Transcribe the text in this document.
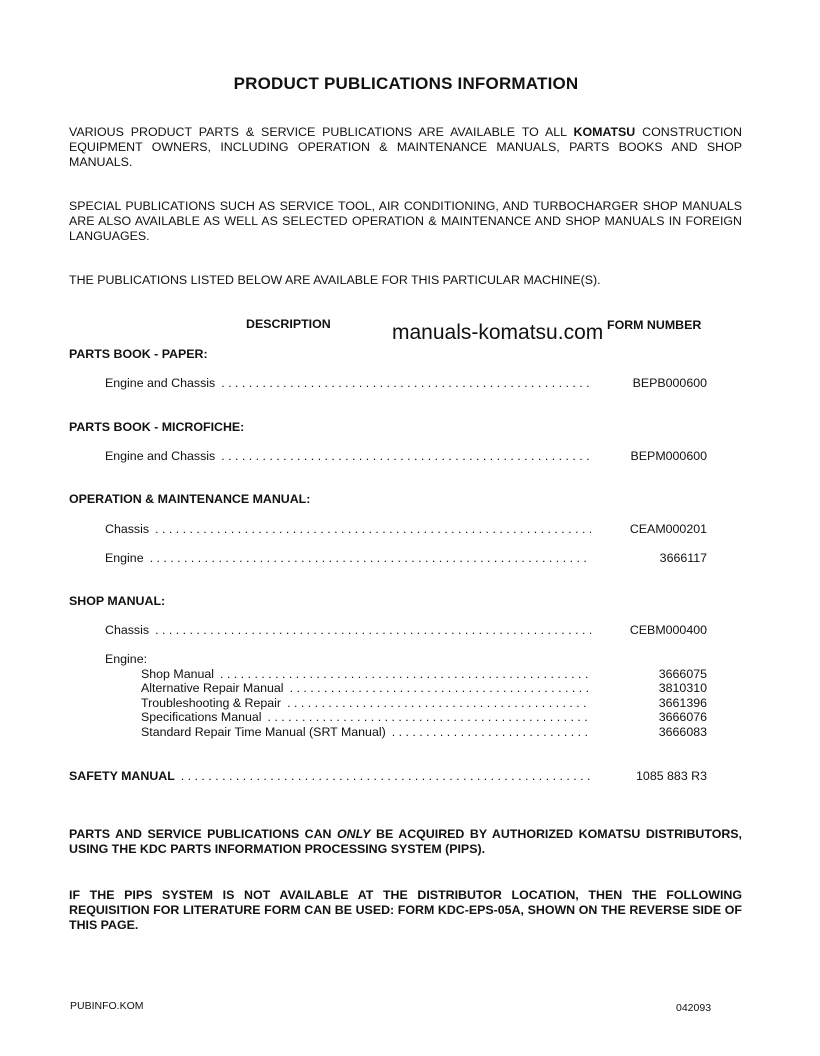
PRODUCT PUBLICATIONS INFORMATION
VARIOUS PRODUCT PARTS & SERVICE PUBLICATIONS ARE AVAILABLE TO ALL KOMATSU CONSTRUCTION EQUIPMENT OWNERS, INCLUDING OPERATION & MAINTENANCE MANUALS, PARTS BOOKS AND SHOP MANUALS.
SPECIAL PUBLICATIONS SUCH AS SERVICE TOOL, AIR CONDITIONING, AND TURBOCHARGER SHOP MANUALS ARE ALSO AVAILABLE AS WELL AS SELECTED OPERATION & MAINTENANCE AND SHOP MANUALS IN FOREIGN LANGUAGES.
THE PUBLICATIONS LISTED BELOW ARE AVAILABLE FOR THIS PARTICULAR MACHINE(S).
DESCRIPTION	FORM NUMBER
manuals-komatsu.com
PARTS BOOK - PAPER:
Engine and Chassis . . .	BEPB000600
PARTS BOOK - MICROFICHE:
Engine and Chassis . . .	BEPM000600
OPERATION & MAINTENANCE MANUAL:
Chassis . . .	CEAM000201
Engine . . .	3666117
SHOP MANUAL:
Chassis . . .	CEBM000400
Engine:
Shop Manual . . .	3666075
Alternative Repair Manual . . .	3810310
Troubleshooting & Repair . . .	3661396
Specifications Manual . . .	3666076
Standard Repair Time Manual (SRT Manual) . . .	3666083
SAFETY MANUAL . . .	1085 883 R3
PARTS AND SERVICE PUBLICATIONS CAN ONLY BE ACQUIRED BY AUTHORIZED KOMATSU DISTRIBUTORS, USING THE KDC PARTS INFORMATION PROCESSING SYSTEM (PIPS).
IF THE PIPS SYSTEM IS NOT AVAILABLE AT THE DISTRIBUTOR LOCATION, THEN THE FOLLOWING REQUISITION FOR LITERATURE FORM CAN BE USED: FORM KDC-EPS-05A, SHOWN ON THE REVERSE SIDE OF THIS PAGE.
PUBINFO.KOM	042093
